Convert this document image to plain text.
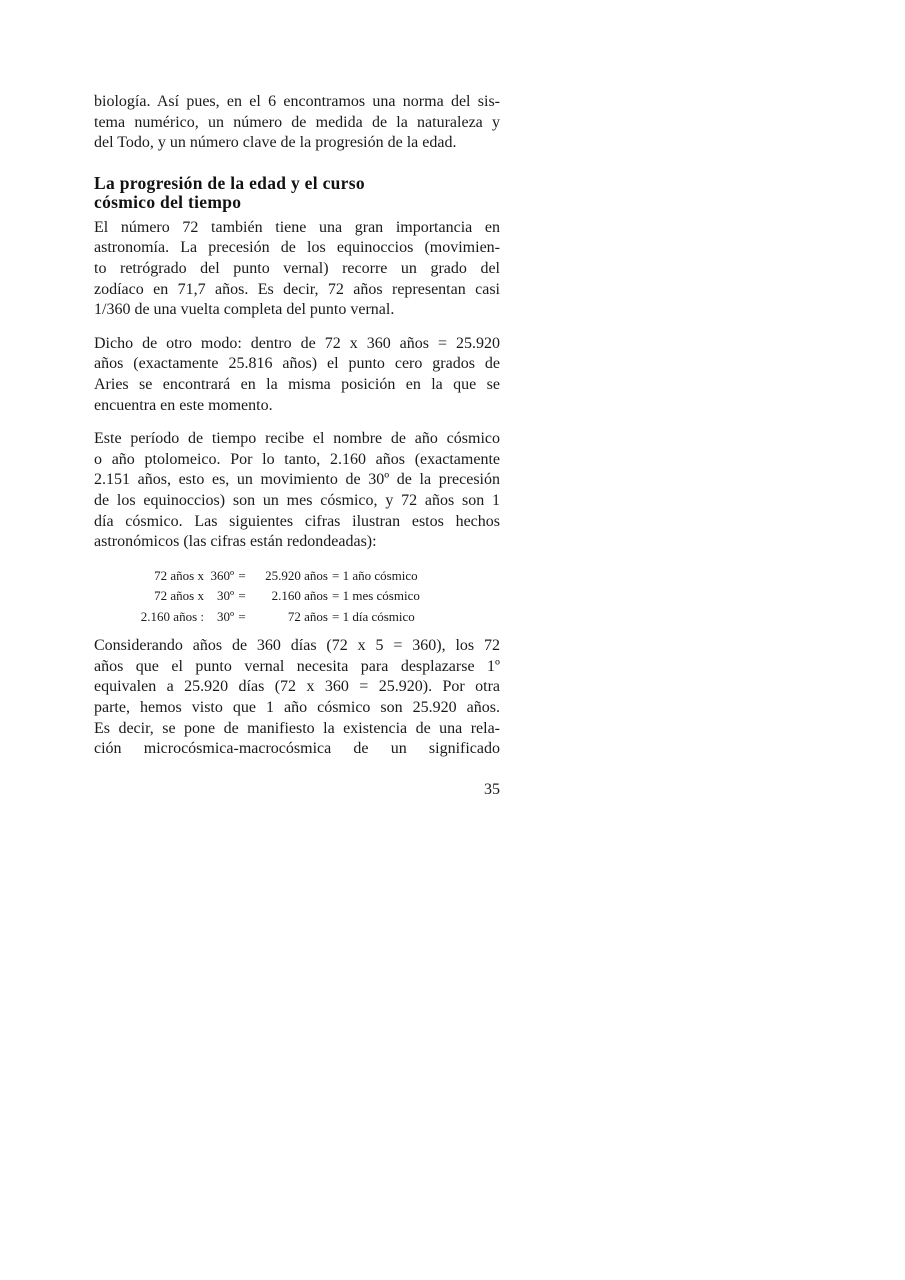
biología. Así pues, en el 6 encontramos una norma del sis-
tema numérico, un número de medida de la naturaleza y
del Todo, y un número clave de la progresión de la edad.
La progresión de la edad y el curso
cósmico del tiempo
El número 72 también tiene una gran importancia en
astronomía. La precesión de los equinoccios (movimien-
to retrógrado del punto vernal) recorre un grado del
zodíaco en 71,7 años. Es decir, 72 años representan casi
1/360 de una vuelta completa del punto vernal.
Dicho de otro modo: dentro de 72 x 360 años = 25.920
años (exactamente 25.816 años) el punto cero grados de
Aries se encontrará en la misma posición en la que se
encuentra en este momento.
Este período de tiempo recibe el nombre de año cósmico
o año ptolomeico. Por lo tanto, 2.160 años (exactamente
2.151 años, esto es, un movimiento de 30º de la precesión
de los equinoccios) son un mes cósmico, y 72 años son 1
día cósmico. Las siguientes cifras ilustran estos hechos
astronómicos (las cifras están redondeadas):
72 años x 360º =	25.920 años = 1 año cósmico
72 años x 30º =	2.160 años = 1 mes cósmico
2.160 años : 30º =	72 años = 1 día cósmico
Considerando años de 360 días (72 x 5 = 360), los 72
años que el punto vernal necesita para desplazarse 1º
equivalen a 25.920 días (72 x 360 = 25.920). Por otra
parte, hemos visto que 1 año cósmico son 25.920 años.
Es decir, se pone de manifiesto la existencia de una rela-
ción microcósmica-macrocósmica de un significado
35
